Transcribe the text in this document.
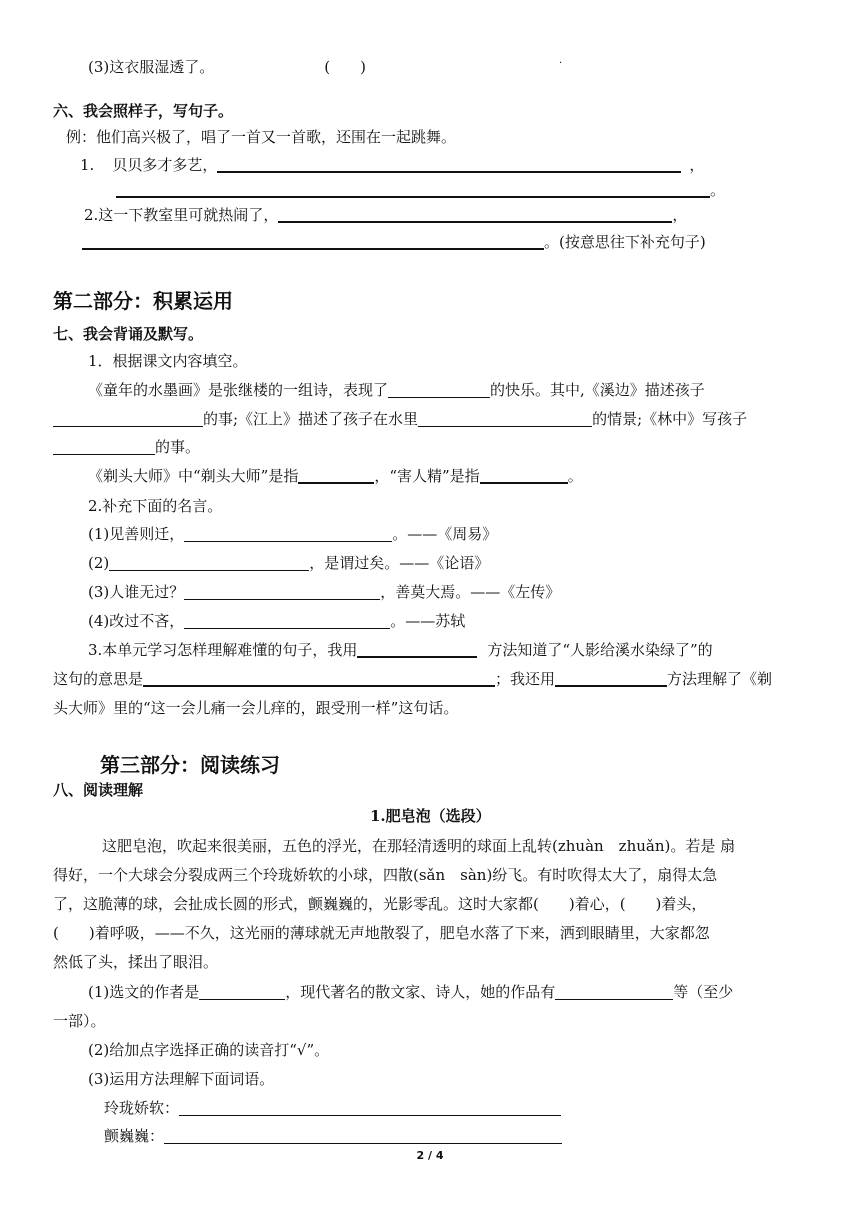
·
(3)这衣服湿透了。	(　　)
六、我会照样子，写句子。
例：他们高兴极了，唱了一首又一首歌，还围在一起跳舞。
1. 贝贝多才多艺，	，
。
2.这一下教室里可就热闹了，	，
。(按意思往下补充句子)
第二部分：积累运用
七、我会背诵及默写。
1．根据课文内容填空。
《童年的水墨画》是张继楼的一组诗，表现了	的快乐。其中,《溪边》描述孩子
的事;《江上》描述了孩子在水里	的情景;《林中》写孩子
的事。
《剃头大师》中“剃头大师”是指	，“害人精”是指	。
2.补充下面的名言。
(1)见善则迁，	。——《周易》
(2)	，是谓过矣。——《论语》
(3)人谁无过？	，善莫大焉。——《左传》
(4)改过不吝，	。——苏轼
3.本单元学习怎样理解难懂的句子，我用	方法知道了“人影给溪水染绿了”的
这句的意思是	；我还用	方法理解了《剃
头大师》里的“这一会儿痛一会儿痒的，跟受刑一样”这句话。
第三部分：阅读练习
八、阅读理解
1.肥皂泡（选段）
这肥皂泡，吹起来很美丽，五色的浮光，在那轻清透明的球面上乱转(zhuàn　zhuǎn)。若是 扇
得好，一个大球会分裂成两三个玲珑娇软的小球，四散(sǎn　sàn)纷飞。有时吹得太大了，扇得太急
了，这脆薄的球，会扯成长圆的形式，颤巍巍的，光影零乱。这时大家都(　　)着心，(　　)着头，
(　　)着呼吸，——不久，这光丽的薄球就无声地散裂了，肥皂水落了下来，洒到眼睛里，大家都忽
然低了头，揉出了眼泪。
(1)选文的作者是	，现代著名的散文家、诗人，她的作品有	等（至少
一部）。
(2)给加点字选择正确的读音打“√”。
(3)运用方法理解下面词语。
玲珑娇软：
颤巍巍：
2 / 4
